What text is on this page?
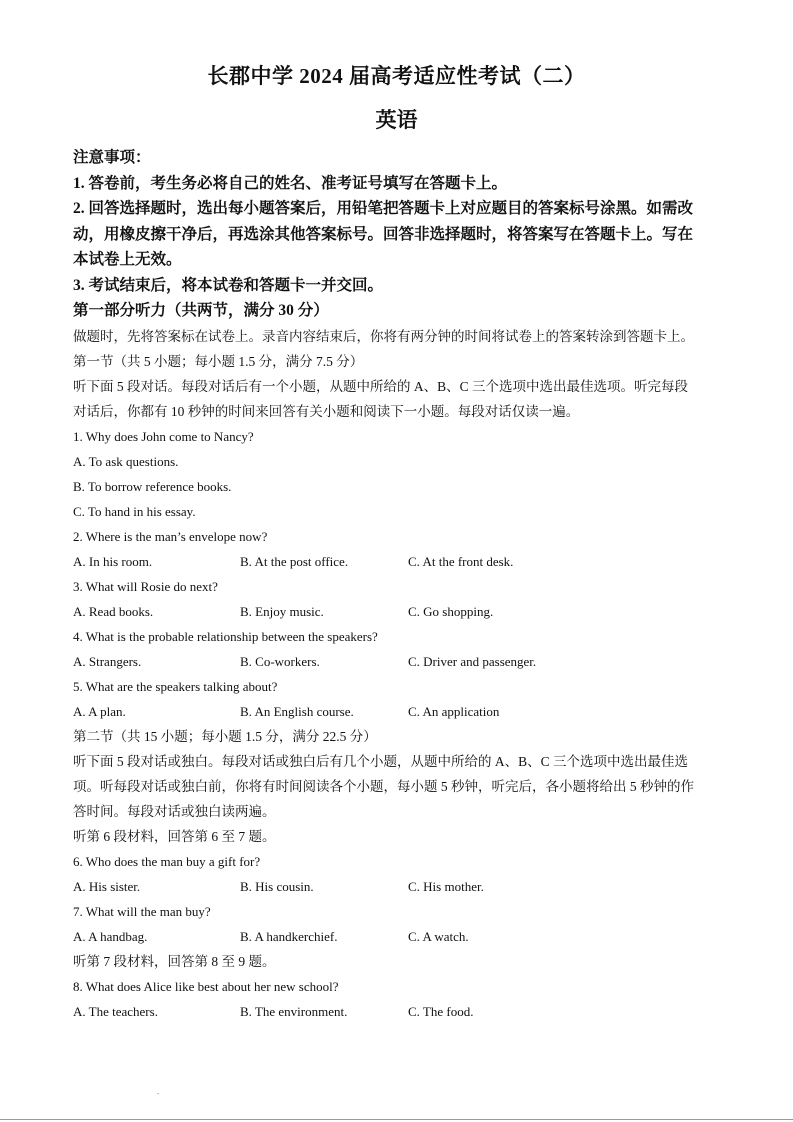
长郡中学 2024 届高考适应性考试（二）
英语
注意事项：
1. 答卷前，考生务必将自己的姓名、准考证号填写在答题卡上。
2. 回答选择题时，选出每小题答案后，用铅笔把答题卡上对应题目的答案标号涂黑。如需改
动，用橡皮擦干净后，再选涂其他答案标号。回答非选择题时，将答案写在答题卡上。写在
本试卷上无效。
3. 考试结束后，将本试卷和答题卡一并交回。
第一部分听力（共两节，满分 30 分）
做题时，先将答案标在试卷上。录音内容结束后，你将有两分钟的时间将试卷上的答案转涂到答题卡上。
第一节（共 5 小题；每小题 1.5 分，满分 7.5 分）
听下面 5 段对话。每段对话后有一个小题，从题中所给的 A、B、C 三个选项中选出最佳选项。听完每段
对话后，你都有 10 秒钟的时间来回答有关小题和阅读下一小题。每段对话仅读一遍。
1. Why does John come to Nancy?
A. To ask questions.
B. To borrow reference books.
C. To hand in his essay.
2. Where is the man’s envelope now?
A. In his room.	B. At the post office.	C. At the front desk.
3. What will Rosie do next?
A. Read books.	B. Enjoy music.	C. Go shopping.
4. What is the probable relationship between the speakers?
A. Strangers.	B. Co-workers.	C. Driver and passenger.
5. What are the speakers talking about?
A. A plan.	B. An English course.	C. An application
第二节（共 15 小题；每小题 1.5 分，满分 22.5 分）
听下面 5 段对话或独白。每段对话或独白后有几个小题，从题中所给的 A、B、C 三个选项中选出最佳选
项。听每段对话或独白前，你将有时间阅读各个小题，每小题 5 秒钟，听完后，各小题将给出 5 秒钟的作
答时间。每段对话或独白读两遍。
听第 6 段材料，回答第 6 至 7 题。
6. Who does the man buy a gift for?
A. His sister.	B. His cousin.	C. His mother.
7. What will the man buy?
A. A handbag.	B. A handkerchief.	C. A watch.
听第 7 段材料，回答第 8 至 9 题。
8. What does Alice like best about her new school?
A. The teachers.	B. The environment.	C. The food.
.
